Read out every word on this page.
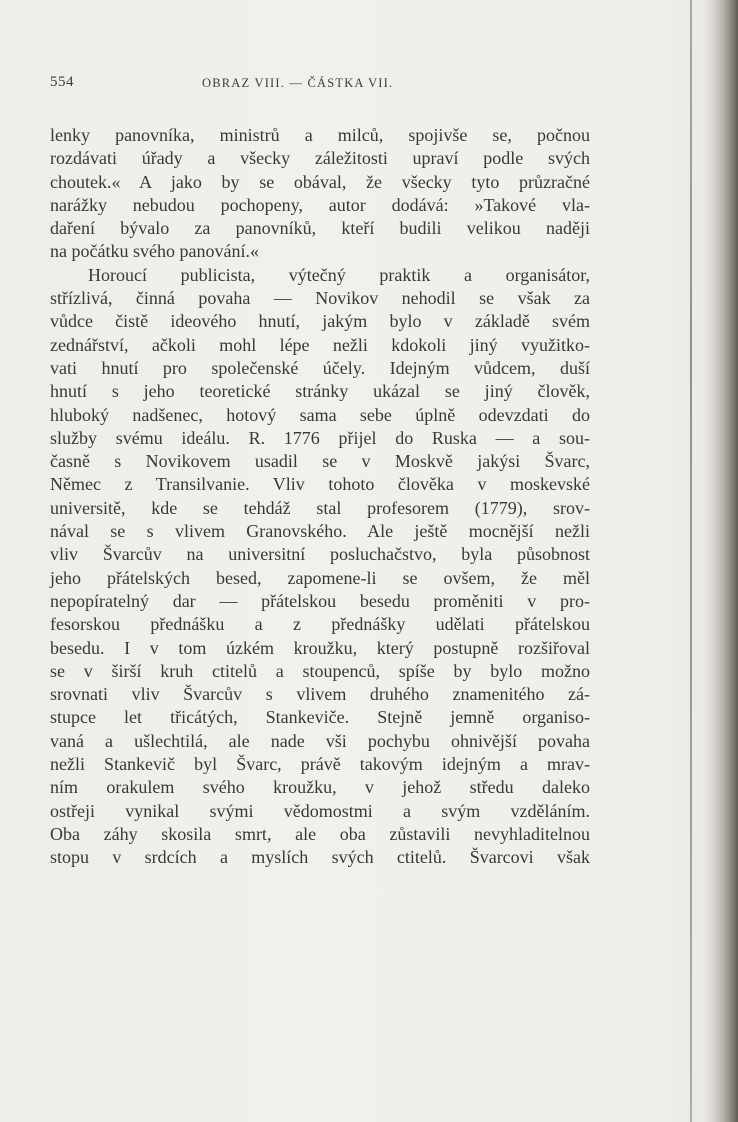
554	OBRAZ VIII. — ČÁSTKA VII.
lenky panovníka, ministrů a milců, spojivše se, počnou
rozdávati úřady a všecky záležitosti upraví podle svých
choutek.« A jako by se obával, že všecky tyto průzračné
narážky nebudou pochopeny, autor dodává: »Takové vla-
daření bývalo za panovníků, kteří budili velikou naději
na počátku svého panování.«
Horoucí publicista, výtečný praktik a organisátor,
střízlivá, činná povaha — Novikov nehodil se však za
vůdce čistě ideového hnutí, jakým bylo v základě svém
zednářství, ačkoli mohl lépe nežli kdokoli jiný využitko-
vati hnutí pro společenské účely. Idejným vůdcem, duší
hnutí s jeho teoretické stránky ukázal se jiný člověk,
hluboký nadšenec, hotový sama sebe úplně odevzdati do
služby svému ideálu. R. 1776 přijel do Ruska — a sou-
časně s Novikovem usadil se v Moskvě jakýsi Švarc,
Němec z Transilvanie. Vliv tohoto člověka v moskevské
universitě, kde se tehdáž stal profesorem (1779), srov-
nával se s vlivem Granovského. Ale ještě mocnější nežli
vliv Švarcův na universitní posluchačstvo, byla působnost
jeho přátelských besed, zapomene-li se ovšem, že měl
nepopíratelný dar — přátelskou besedu proměniti v pro-
fesorskou přednášku a z přednášky udělati přátelskou
besedu. I v tom úzkém kroužku, který postupně rozšiřoval
se v širší kruh ctitelů a stoupenců, spíše by bylo možno
srovnati vliv Švarcův s vlivem druhého znamenitého zá-
stupce let třicátých, Stankeviče. Stejně jemně organiso-
vaná a ušlechtilá, ale nade vši pochybu ohnivější povaha
nežli Stankevič byl Švarc, právě takovým idejným a mrav-
ním orakulem svého kroužku, v jehož středu daleko
ostřeji vynikal svými vědomostmi a svým vzděláním.
Oba záhy skosila smrt, ale oba zůstavili nevyhladitelnou
stopu v srdcích a myslích svých ctitelů. Švarcovi však
